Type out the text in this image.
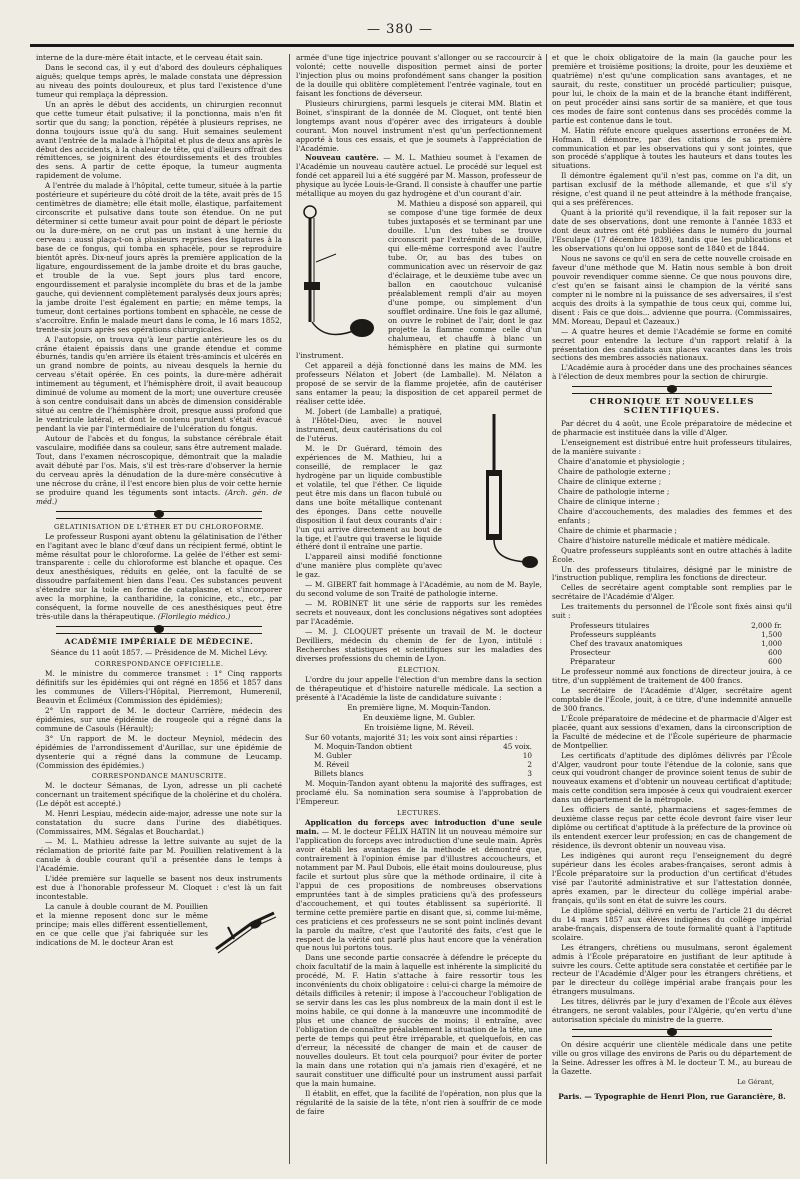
— 380 —

interne de la dure-mère était intacte, et le cerveau était sain.

Dans le second cas, il y eut d'abord des douleurs céphaliques aiguës; quelque temps après, le malade constata une dépression au niveau des points douloureux, et plus tard l'existence d'une tumeur qui remplaça la dépression.

Un an après le début des accidents, un chirurgien reconnut que cette tumeur était pulsative; il la ponctionna, mais n'en fit sortir que du sang; la ponction, répétée à plusieurs reprises, ne donna toujours issue qu'à du sang. Huit semaines seulement avant l'entrée de la malade à l'hôpital et plus de deux ans après le début des accidents, à la chaleur de tête, qui d'ailleurs offrait des rémittences, se joignirent des étourdissements et des troubles des sens. A partir de cette époque, la tumeur augmenta rapidement de volume.

A l'entrée du malade à l'hôpital, cette tumeur, située à la partie postérieure et supérieure du côté droit de la tête, avait près de 15 centimètres de diamètre; elle était molle, élastique, parfaitement circonscrite et pulsative dans toute son étendue. On ne put déterminer si cette tumeur avait pour point de départ le périoste ou la dure-mère, on ne crut pas un instant à une hernie du cerveau : aussi plaça-t-on à plusieurs reprises des ligatures à la base de ce fongus, qui tomba en sphacèle, pour se reproduire bientôt après. Dix-neuf jours après la première application de la ligature, engourdissement de la jambe droite et du bras gauche, et trouble de la vue. Sept jours plus tard encore, engourdissement et paralysie incomplète du bras et de la jambe gauche, qui deviennent complètement paralysés deux jours après; la jambe droite l'est également en partie; en même temps, la tumeur, dont certaines portions tombent en sphacèle, ne cesse de s'accroître. Enfin le malade meurt dans le coma, le 16 mars 1852, trente-six jours après ses opérations chirurgicales.

A l'autopsie, on trouva qu'à leur partie antérieure les os du crâne étaient épaissis dans une grande étendue et comme éburnés, tandis qu'en arrière ils étaient très-amincis et ulcérés en un grand nombre de points, au niveau desquels la hernie du cerveau s'était opérée. En ces points, la dure-mère adhérait intimement au tégument, et l'hémisphère droit, il avait beaucoup diminué de volume au moment de la mort; une ouverture creusée à son centre conduisait dans un abcès de dimension considérable situé au centre de l'hémisphère droit, presque aussi profond que le ventricule latéral, et dont le contenu purulent s'était évacué pendant la vie par l'intermédiaire de l'ulcération du fongus.

Autour de l'abcès et du fongus, la substance cérébrale était vasculaire, modifiée dans sa couleur, sans être autrement malade. Tout, dans l'examen nécroscopique, démontrait que la maladie avait débuté par l'os. Mais, s'il est très-rare d'observer la hernie du cerveau après la dénudation de la dure-mère consécutive à une nécrose du crâne, il l'est encore bien plus de voir cette hernie se produire quand les téguments sont intacts. (Arch. gén. de méd.)

GÉLATINISATION DE L'ÉTHER ET DU CHLOROFORME.

Le professeur Rusponi ayant obtenu la gélatinisation de l'éther en l'agitant avec le blanc d'œuf dans un récipient fermé, obtint le même résultat pour le chloroforme. La gelée de l'éther est semi-transparente : celle du chloroforme est blanche et opaque. Ces deux anesthésiques, réduits en gelée, ont la faculté de se dissoudre parfaitement bien dans l'eau. Ces substances peuvent s'étendre sur la toile en forme de cataplasme, et s'incorporer avec la morphine, la cantharidine, la conicine, etc., etc., par conséquent, la forme nouvelle de ces anesthésiques peut être très-utile dans la thérapeutique. (Florilegio médico.)

ACADÉMIE IMPÉRIALE DE MÉDECINE.

Séance du 11 août 1857. — Présidence de M. Michel Lévy.

CORRESPONDANCE OFFICIELLE.

M. le ministre du commerce transmet : 1° Cinq rapports définitifs sur les épidémies qui ont régné en 1856 et 1857 dans les communes de Villers-l'Hôpital, Pierremont, Humerenil, Beauvin et Écliméux (Commission des épidémies);

2° Un rapport de M. le docteur Carrière, médecin des épidémies, sur une épidémie de rougeole qui a régné dans la commune de Casouls (Hérault);

3° Un rapport de M. le docteur Meyniol, médecin des épidémies de l'arrondissement d'Aurillac, sur une épidémie de dysenterie qui a régné dans la commune de Leucamp. (Commission des épidémies.)

CORRESPONDANCE MANUSCRITE.

M. le docteur Sémanas, de Lyon, adresse un pli cacheté concernant un traitement spécifique de la cholérine et du choléra. (Le dépôt est accepté.)

M. Henri Lespiau, médecin aide-major, adresse une note sur la constatation du sucre dans l'urine des diabétiques. (Commissaires, MM. Ségalas et Bouchardat.)

— M. L. Mathieu adresse la lettre suivante au sujet de la réclamation de priorité faite par M. Pouillien relativement à la canule à double courant qu'il a présentée dans le temps à l'Académie.

L'idée première sur laquelle se basent nos deux instruments est due à l'honorable professeur M. Cloquet : c'est là un fait incontestable.

La canule à double courant de M. Pouillien et la mienne reposent donc sur le même principe; mais elles diffèrent essentiellement, en ce que celle que j'ai fabriquée sur les indications de M. le docteur Aran est

armée d'une tige injectrice pouvant s'allonger ou se raccourcir à volonté; cette nouvelle disposition permet ainsi de porter l'injection plus ou moins profondément sans changer la position de la douille qui oblitère complètement l'entrée vaginale, tout en faisant les fonctions de déverseur.

Plusieurs chirurgiens, parmi lesquels je citerai MM. Blatin et Boinet, s'inspirant de la donnée de M. Cloquet, ont tenté bien longtemps avant nous d'opérer avec des irrigateurs à double courant. Mon nouvel instrument n'est qu'un perfectionnement apporté à tous ces essais, et que je soumets à l'appréciation de l'Académie.

Nouveau cautère. — M. L. Mathieu soumet à l'examen de l'Académie un nouveau cautère actuel. Le procédé sur lequel est fondé cet appareil lui a été suggéré par M. Masson, professeur de physique au lycée Louis-le-Grand. Il consiste à chauffer une partie métallique au moyen du gaz hydrogène et d'un courant d'air.

M. Mathieu a disposé son appareil, qui se compose d'une tige formée de deux tubes juxtaposés et se terminant par une douille. L'un des tubes se trouve circonscrit par l'extrémité de la douille, qui elle-même correspond avec l'autre tube. Or, au bas des tubes on communication avec un réservoir de gaz d'éclairage, et le deuxième tube avec un ballon en caoutchouc vulcanisé préalablement rempli d'air au moyen d'une pompe, ou simplement d'un soufflet ordinaire. Une fois le gaz allumé, on ouvre le robinet de l'air, dont le gaz projette la flamme comme celle d'un chalumeau, et chauffe à blanc un hémisphère en platine qui surmonte l'instrument.

Cet appareil a déjà fonctionné dans les mains de MM. les professeurs Nélaton et Jobert (de Lamballe). M. Nélaton a proposé de se servir de la flamme projetée, afin de cautériser sans entamer la peau; la disposition de cet appareil permet de réaliser cette idée.

M. Jobert (de Lamballe) a pratiqué, à l'Hôtel-Dieu, avec le nouvel instrument, deux cautérisations du col de l'utérus.

M. le Dr Guérard, témoin des expériences de M. Mathieu, lui a conseillé, de remplacer le gaz hydrogène par un liquide combustible et volatile, tel que l'éther. Ce liquide peut être mis dans un flacon tubulé ou dans une boîte métallique contenant des éponges. Dans cette nouvelle disposition il faut deux courants d'air : l'un qui arrive directement au bout de la tige, et l'autre qui traverse le liquide éthéré dont il entraîne une partie.

L'appareil ainsi modifié fonctionne d'une manière plus complète qu'avec le gaz.

— M. GIBERT fait hommage à l'Académie, au nom de M. Bayle, du second volume de son Traité de pathologie interne.

— M. ROBINET lit une série de rapports sur les remèdes secrets et nouveaux, dont les conclusions négatives sont adoptées par l'Académie.

— M. J. CLOQUET présente un travail de M. le docteur Devilliers, médecin du chemin de fer de Lyon, intitulé : Recherches statistiques et scientifiques sur les maladies des diverses professions du chemin de Lyon.

ÉLECTION.

L'ordre du jour appelle l'élection d'un membre dans la section de thérapeutique et d'histoire naturelle médicale. La section a présenté à l'Académie la liste de candidature suivante :

En première ligne, M. Moquin-Tandon.

En deuxième ligne, M. Gubler.

En troisième ligne, M. Réveil.

Sur 60 votants, majorité 31; les voix sont ainsi réparties :

M. Moquin-Tandon obtient	45 voix.
M. Gubler	10
M. Réveil	2
Billets blancs	3

M. Moquin-Tandon ayant obtenu la majorité des suffrages, est proclamé élu. Sa nomination sera soumise à l'approbation de l'Empereur.

LECTURES.

Application du forceps avec introduction d'une seule main. — M. le docteur FÉLIX HATIN lit un nouveau mémoire sur l'application du forceps avec introduction d'une seule main. Après avoir établi les avantages de la méthode et démontré que, contrairement à l'opinion émise par d'illustres accoucheurs, et notamment par M. Paul Dubois, elle était moins douloureuse, plus facile et surtout plus sûre que la méthode ordinaire, il cite à l'appui de ces propositions de nombreuses observations empruntées tant à de simples praticiens qu'à des professeurs d'accouchement, et qui toutes établissent sa supériorité. Il termine cette première partie en disant que, si, comme lui-même, ces praticiens et ces professeurs ne se sont point inclinés devant la parole du maître, c'est que l'autorité des faits, c'est que le respect de la vérité ont parlé plus haut encore que la vénération que nous lui portons tous.

Dans une seconde partie consacrée à défendre le précepte du choix facultatif de la main à laquelle est inhérente la simplicité du procédé, M. F. Hatin s'attache à faire ressortir tous les inconvénients du choix obligatoire : celui-ci charge la mémoire de détails difficiles à retenir; il impose à l'accoucheur l'obligation de se servir dans les cas les plus nombreux de la main dont il est le moins habile, ce qui donne à la manœuvre une incommodité de plus et une chance de succès de moins; il entraîne, avec l'obligation de connaître préalablement la situation de la tête, une perte de temps qui peut être irréparable, et quelquefois, en cas d'erreur, la nécessité de changer de main et de causer de nouvelles douleurs. Et tout cela pourquoi? pour éviter de porter la main dans une rotation qui n'a jamais rien d'exagéré, et ne saurait constituer une difficulté pour un instrument aussi parfait que la main humaine.

Il établit, en effet, que la facilité de l'opération, non plus que la régularité de la saisie de la tête, n'ont rien à souffrir de ce mode de faire

et que le choix obligatoire de la main (la gauche pour les première et troisième positions; la droite, pour les deuxième et quatrième) n'est qu'une complication sans avantages, et ne saurait, du reste, constituer un procédé particulier; puisque, pour lui, le choix de la main et de la branche étant indifférent, on peut procéder ainsi sans sortir de sa manière, et que tous ces modes de faire sont contenus dans ses procédés comme la partie est contenue dans le tout.

M. Hatin réfute encore quelques assertions erronées de M. Hofman. Il démontre, par des citations de sa première communication et par les observations qui y sont jointes, que son procédé s'applique à toutes les hauteurs et dans toutes les situations.

Il démontre également qu'il n'est pas, comme on l'a dit, un partisan exclusif de la méthode allemande, et que s'il s'y résigne, c'est quand il ne peut atteindre à la méthode française, qui a ses préférences.

Quant à la priorité qu'il revendique, il la fait reposer sur la date de ses observations, dont une remonte à l'année 1833 et dont deux autres ont été publiées dans le numéro du journal l'Esculape (17 décembre 1839), tandis que les publications et les observations qu'on lui oppose sont de 1840 et de 1844.

Nous ne savons ce qu'il en sera de cette nouvelle croisade en faveur d'une méthode que M. Hatin nous semble à bon droit pouvoir revendiquer comme sienne. Ce que nous pouvons dire, c'est qu'en se faisant ainsi le champion de la vérité sans compter ni le nombre ni la puissance de ses adversaires, il s'est acquis des droits à la sympathie de tous ceux qui, comme lui, disent : Fais ce que dois... advienne que pourra. (Commissaires, MM. Moreau, Depaul et Cazeaux.)

— A quatre heures et demie l'Académie se forme en comité secret pour entendre la lecture d'un rapport relatif à la présentation des candidats aux places vacantes dans les trois sections des membres associés nationaux.

L'Académie aura à procéder dans une des prochaines séances à l'élection de deux membres pour la section de chirurgie.

CHRONIQUE ET NOUVELLES SCIENTIFIQUES.

Par décret du 4 août, une École préparatoire de médecine et de pharmacie est instituée dans la ville d'Alger.

L'enseignement est distribué entre huit professeurs titulaires, de la manière suivante :

Chaire d'anatomie et physiologie ;

Chaire de pathologie externe ;

Chaire de clinique externe ;

Chaire de pathologie interne ;

Chaire de clinique interne ;

Chaire d'accouchements, des maladies des femmes et des enfants ;

Chaire de chimie et pharmacie ;

Chaire d'histoire naturelle médicale et matière médicale.

Quatre professeurs suppléants sont en outre attachés à ladite École.

Un des professeurs titulaires, désigné par le ministre de l'instruction publique, remplira les fonctions de directeur.

Celles de secrétaire agent comptable sont remplies par le secrétaire de l'Académie d'Alger.

Les traitements du personnel de l'École sont fixés ainsi qu'il suit :

Professeurs titulaires	2,000 fr.
Professeurs suppléants	1,500
Chef des travaux anatomiques	1,000
Prosecteur	600
Préparateur	600

Le professeur nommé aux fonctions de directeur jouira, à ce titre, d'un supplément de traitement de 400 francs.

Le secrétaire de l'Académie d'Alger, secrétaire agent comptable de l'École, jouit, à ce titre, d'une indemnité annuelle de 300 francs.

L'École préparatoire de médecine et de pharmacie d'Alger est placée, quant aux sessions d'examen, dans la circonscription de la Faculté de médecine et de l'École supérieure de pharmacie de Montpellier.

Les certificats d'aptitude des diplômes délivrés par l'École d'Alger, vaudront pour toute l'étendue de la colonie, sans que ceux qui voudront changer de province soient tenus de subir de nouveaux examens et d'obtenir un nouveau certificat d'aptitude; mais cette condition sera imposée à ceux qui voudraient exercer dans un département de la métropole.

Les officiers de santé, pharmaciens et sages-femmes de deuxième classe reçus par cette école devront faire viser leur diplôme ou certificat d'aptitude à la préfecture de la province où ils entendent exercer leur profession; en cas de changement de résidence, ils devront obtenir un nouveau visa.

Les indigènes qui auront reçu l'enseignement du degré supérieur dans les écoles arabes-françaises, seront admis à l'École préparatoire sur la production d'un certificat d'études visé par l'autorité administrative et sur l'attestation donnée, après examen, par le directeur du collège impérial arabe-français, qu'ils sont en état de suivre les cours.

Le diplôme spécial, délivré en vertu de l'article 21 du décret du 14 mars 1857 aux élèves indigènes du collège impérial arabe-français, dispensera de toute formalité quant à l'aptitude scolaire.

Les étrangers, chrétiens ou musulmans, seront également admis à l'École préparatoire en justifiant de leur aptitude à suivre les cours. Cette aptitude sera constatée et certifiée par le recteur de l'Académie d'Alger pour les étrangers chrétiens, et par le directeur du collège impérial arabe français pour les étrangers musulmans.

Les titres, délivrés par le jury d'examen de l'École aux élèves étrangers, ne seront valables, pour l'Algérie, qu'en vertu d'une autorisation spéciale du ministre de la guerre.

On désire acquérir une clientèle médicale dans une petite ville ou gros village des environs de Paris ou du département de la Seine. Adresser les offres à M. le docteur T. M., au bureau de la Gazette.

Le Gérant,

Paris. — Typographie de Henri Plon, rue Garancière, 8.
